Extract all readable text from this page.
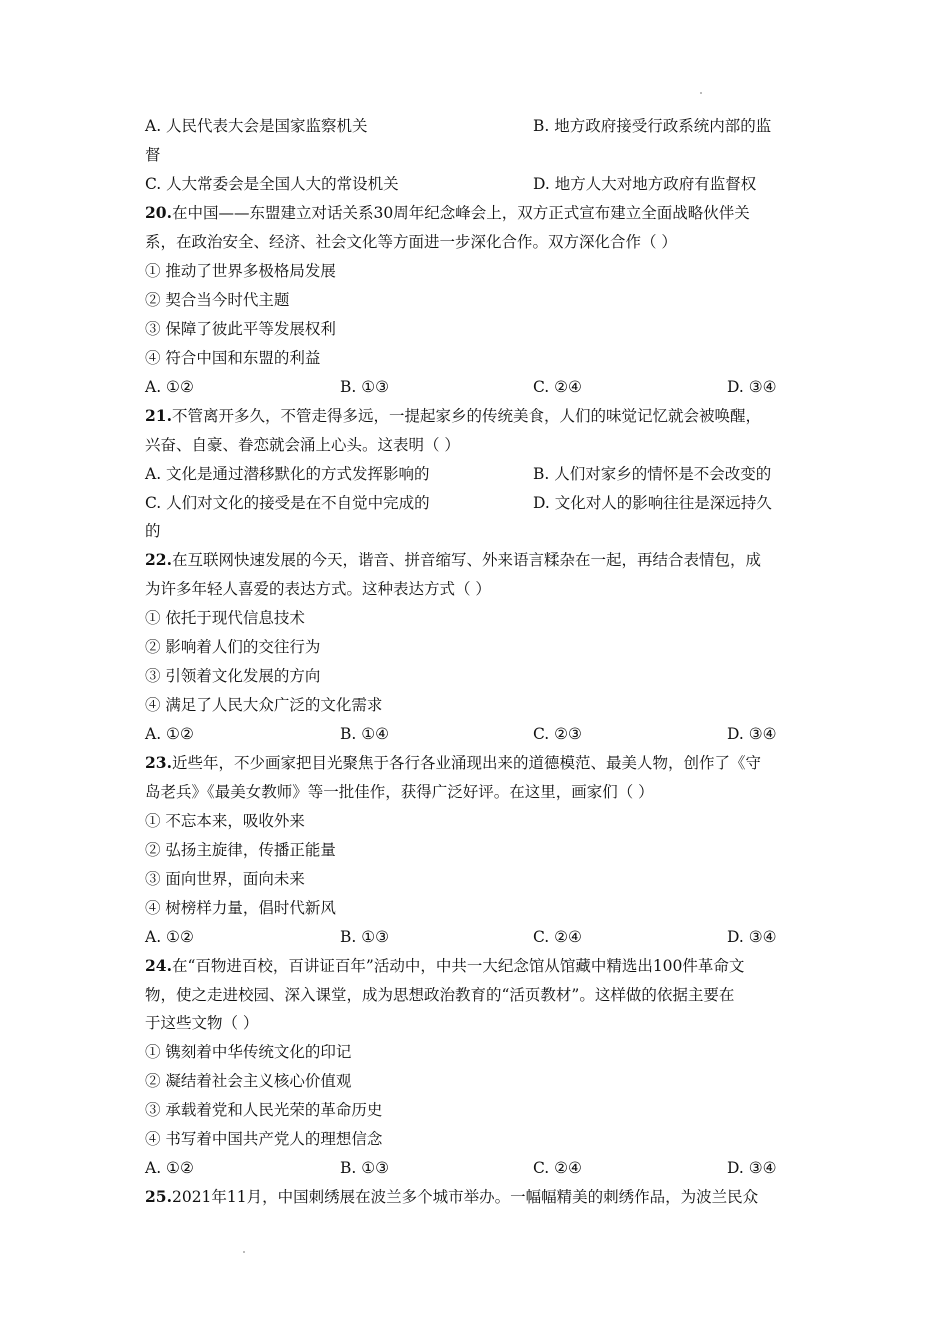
A. 人民代表大会是国家监察机关	B. 地方政府接受行政系统内部的监
督
C. 人大常委会是全国人大的常设机关	D. 地方人大对地方政府有监督权
20.在中国——东盟建立对话关系30周年纪念峰会上，双方正式宣布建立全面战略伙伴关
系，在政治安全、经济、社会文化等方面进一步深化合作。双方深化合作（ ）
① 推动了世界多极格局发展
② 契合当今时代主题
③ 保障了彼此平等发展权利
④ 符合中国和东盟的利益
A. ①②	B. ①③	C. ②④	D. ③④
21.不管离开多久，不管走得多远，一提起家乡的传统美食，人们的味觉记忆就会被唤醒，
兴奋、自豪、眷恋就会涌上心头。这表明（ ）
A. 文化是通过潜移默化的方式发挥影响的	B. 人们对家乡的情怀是不会改变的
C. 人们对文化的接受是在不自觉中完成的	D. 文化对人的影响往往是深远持久
的
22.在互联网快速发展的今天，谐音、拼音缩写、外来语言糅杂在一起，再结合表情包，成
为许多年轻人喜爱的表达方式。这种表达方式（ ）
① 依托于现代信息技术
② 影响着人们的交往行为
③ 引领着文化发展的方向
④ 满足了人民大众广泛的文化需求
A. ①②	B. ①④	C. ②③	D. ③④
23.近些年，不少画家把目光聚焦于各行各业涌现出来的道德模范、最美人物，创作了《守
岛老兵》《最美女教师》等一批佳作，获得广泛好评。在这里，画家们（ ）
① 不忘本来，吸收外来
② 弘扬主旋律，传播正能量
③ 面向世界，面向未来
④ 树榜样力量，倡时代新风
A. ①②	B. ①③	C. ②④	D. ③④
24.在“百物进百校，百讲证百年”活动中，中共一大纪念馆从馆藏中精选出100件革命文
物，使之走进校园、深入课堂，成为思想政治教育的“活页教材”。这样做的依据主要在
于这些文物（ ）
① 镌刻着中华传统文化的印记
② 凝结着社会主义核心价值观
③ 承载着党和人民光荣的革命历史
④ 书写着中国共产党人的理想信念
A. ①②	B. ①③	C. ②④	D. ③④
25.2021年11月，中国刺绣展在波兰多个城市举办。一幅幅精美的刺绣作品，为波兰民众
